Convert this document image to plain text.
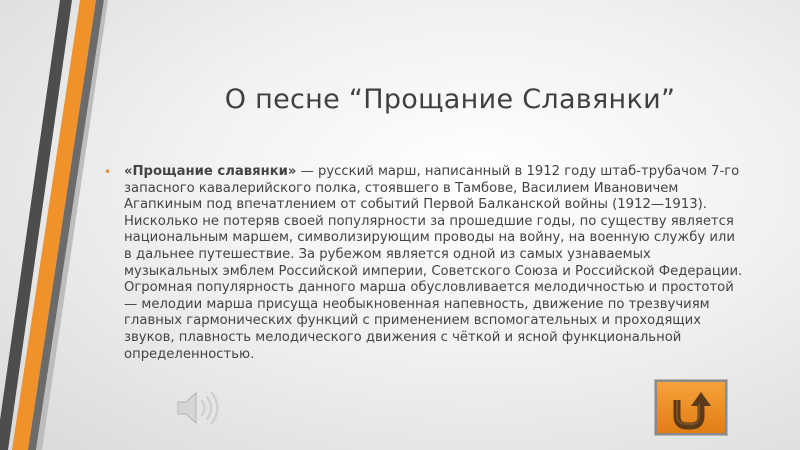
О песне “Прощание Славянки”
• «Прощание славянки» — русский марш, написанный в 1912 году штаб-трубачом 7-го запасного кавалерийского полка, стоявшего в Тамбове, Василием Ивановичем Агапкиным под впечатлением от событий Первой Балканской войны (1912—1913). Нисколько не потеряв своей популярности за прошедшие годы, по существу является национальным маршем, символизирующим проводы на войну, на военную службу или в дальнее путешествие. За рубежом является одной из самых узнаваемых музыкальных эмблем Российской империи, Советского Союза и Российской Федерации. Огромная популярность данного марша обусловливается мелодичностью и простотой — мелодии марша присуща необыкновенная напевность, движение по трезвучиям главных гармонических функций с применением вспомогательных и проходящих звуков, плавность мелодического движения с чёткой и ясной функциональной определенностью.
